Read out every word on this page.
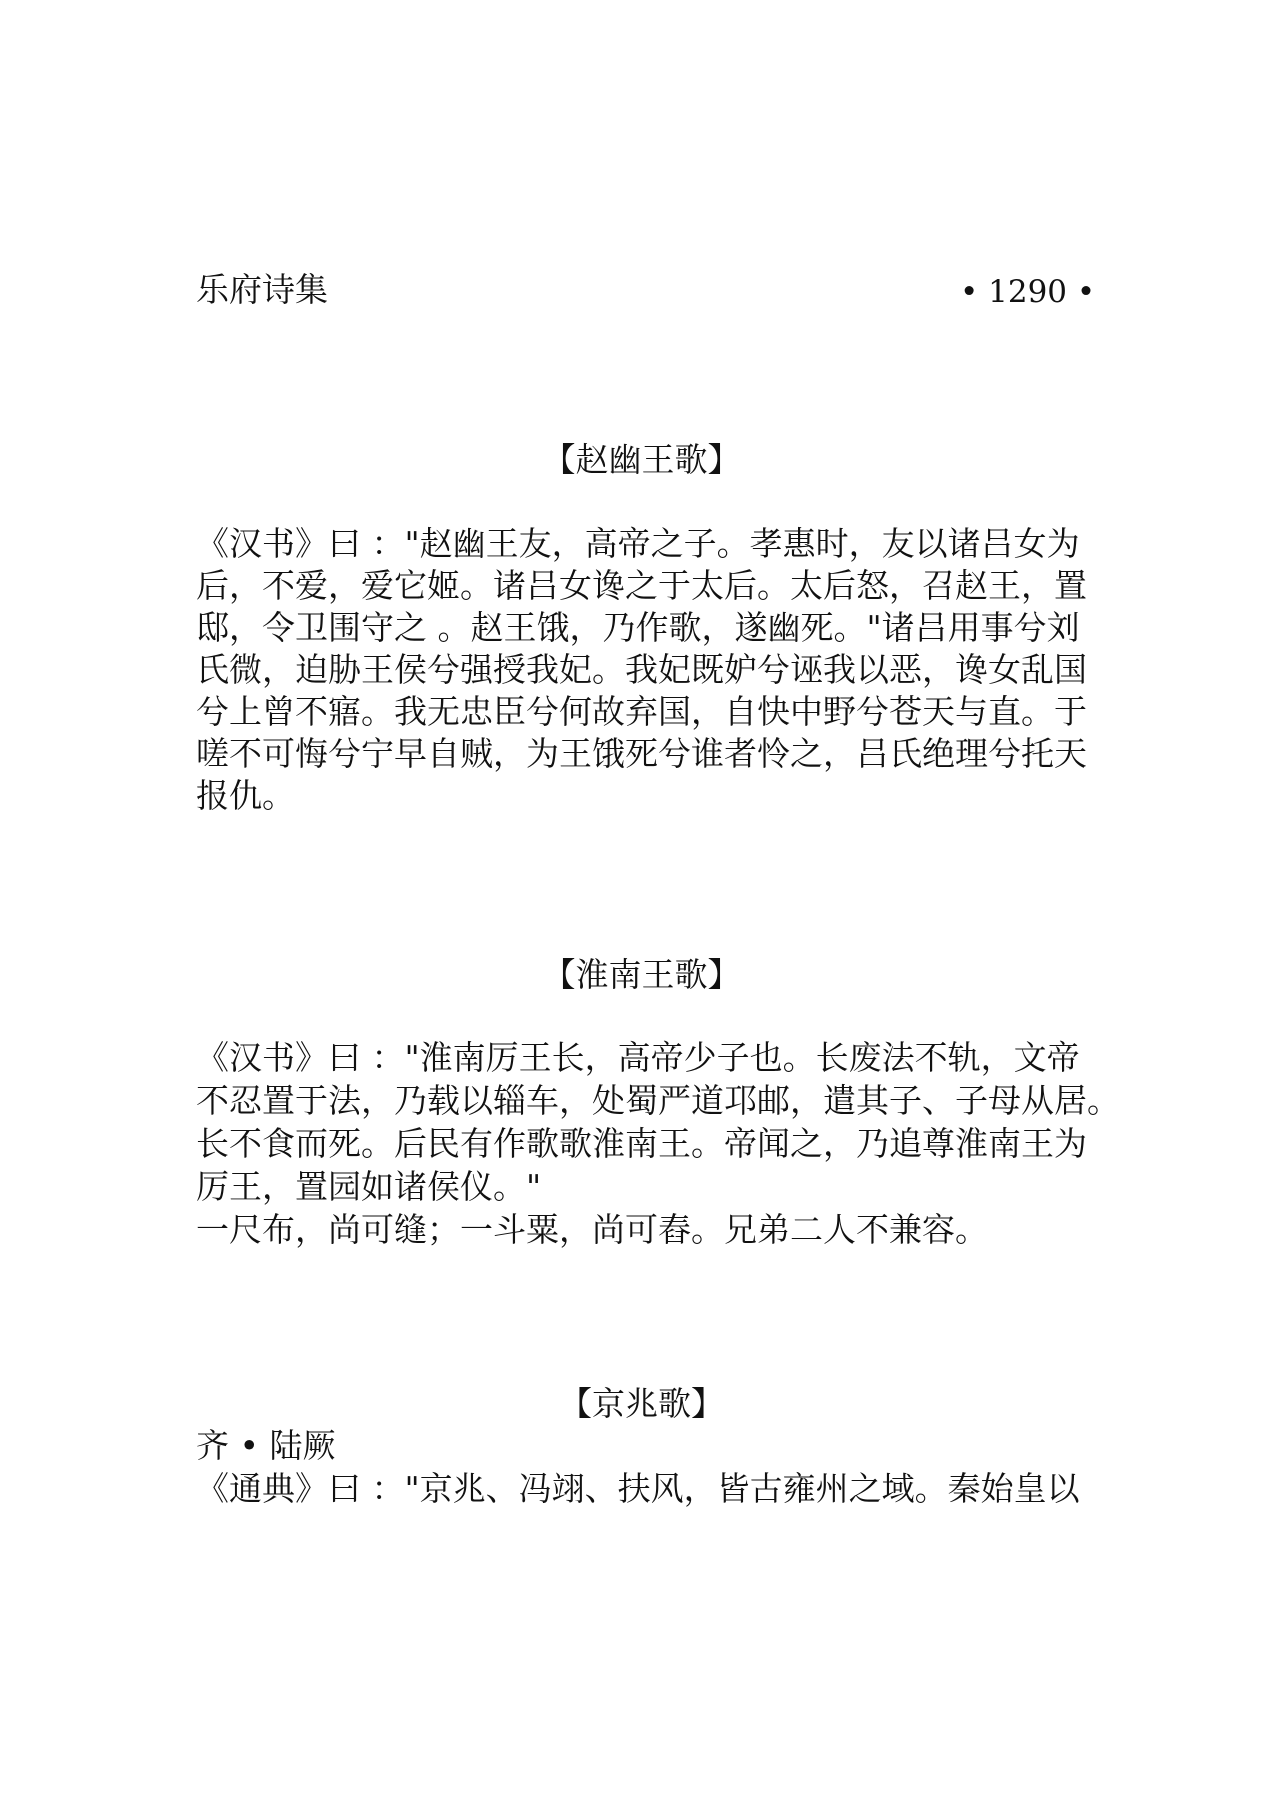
乐府诗集	• 1290 •
【赵幽王歌】
《汉书》曰 ："赵幽王友，高帝之子。孝惠时，友以诸吕女为
后，不爱，爱它姬。诸吕女谗之于太后。太后怒，召赵王，置
邸，令卫围守之 。赵王饿，乃作歌，遂幽死。"诸吕用事兮刘
氏微，迫胁王侯兮强授我妃。我妃既妒兮诬我以恶，谗女乱国
兮上曾不寤。我无忠臣兮何故弃国，自快中野兮苍天与直。于
嗟不可悔兮宁早自贼，为王饿死兮谁者怜之，吕氏绝理兮托天
报仇。
【淮南王歌】
《汉书》曰 ："淮南厉王长，高帝少子也。长废法不轨，文帝
不忍置于法，乃载以辎车，处蜀严道邛邮，遣其子、子母从居。
长不食而死。后民有作歌歌淮南王。帝闻之，乃追尊淮南王为
厉王，置园如诸侯仪。"
一尺布，尚可缝；一斗粟，尚可舂。兄弟二人不兼容。
【京兆歌】
齐 • 陆厥
《通典》曰 ："京兆、冯翊、扶风，皆古雍州之域。秦始皇以
